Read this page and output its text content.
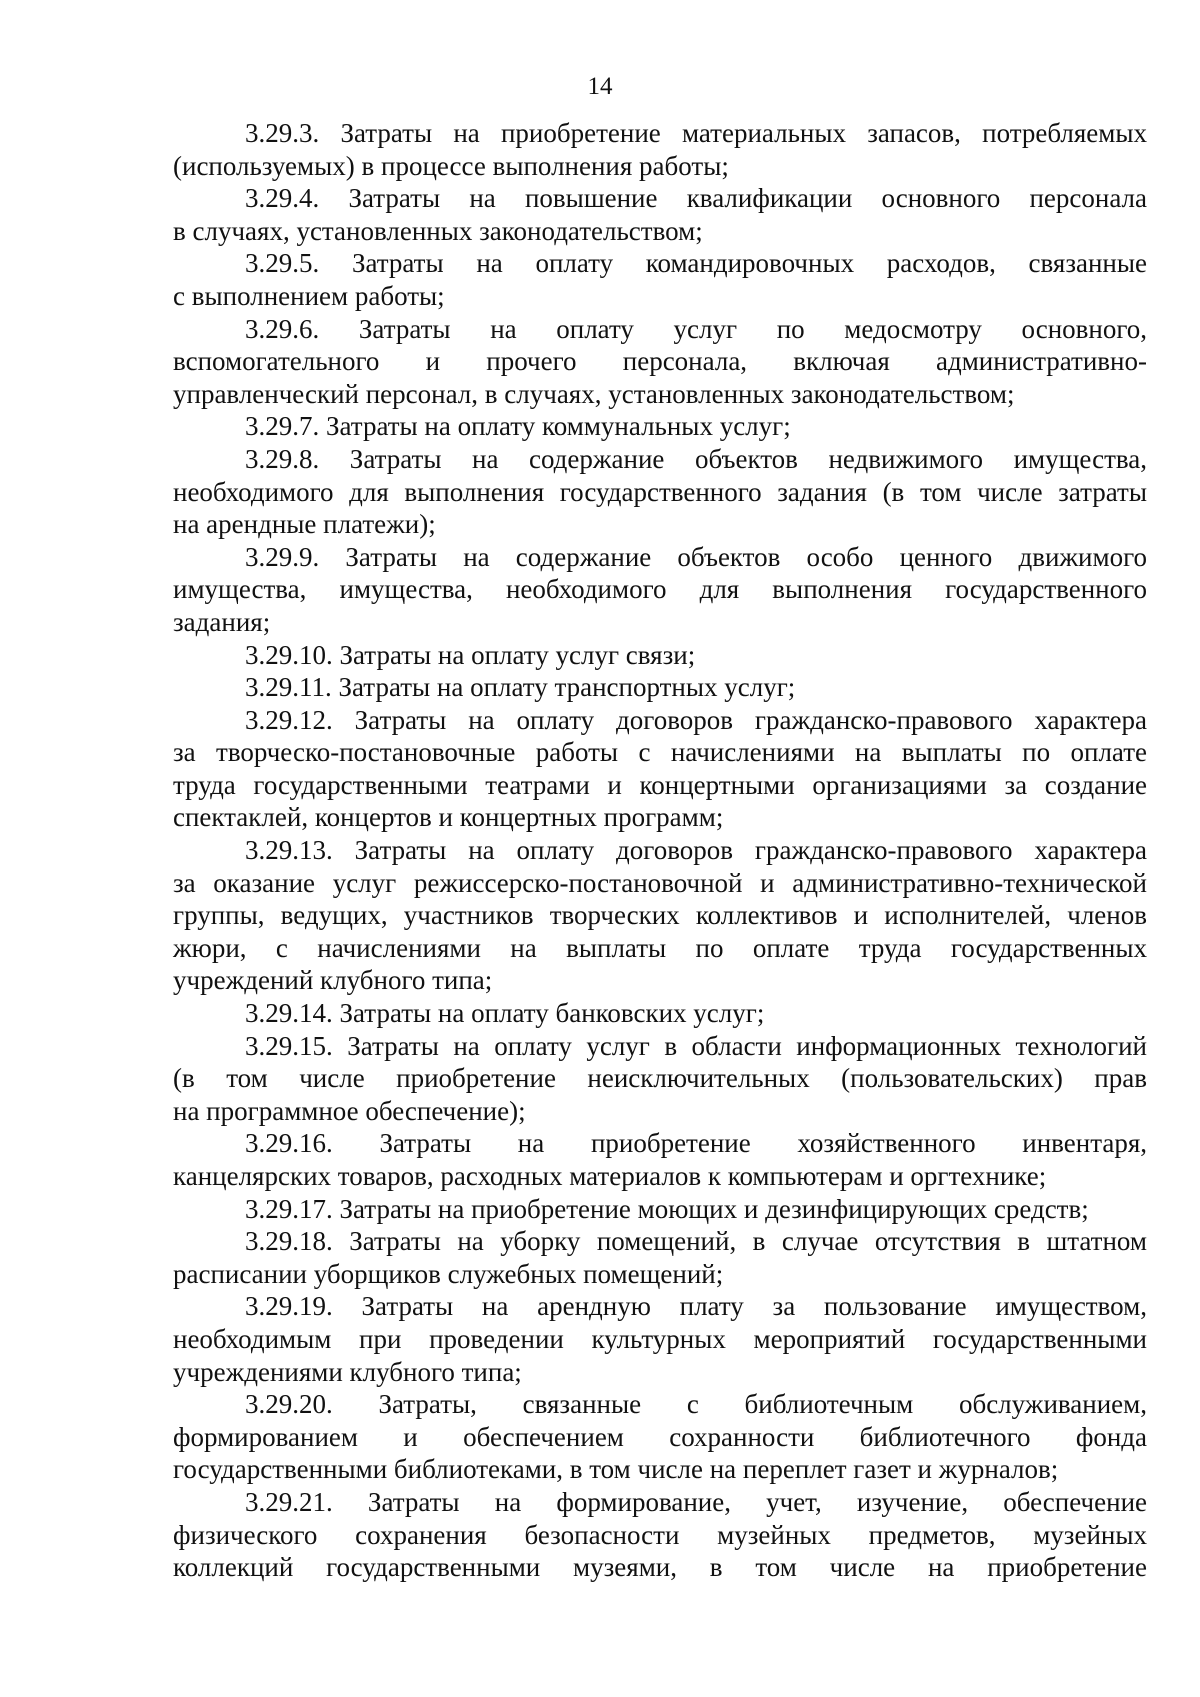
14
3.29.3. Затраты на приобретение материальных запасов, потребляемых
(используемых) в процессе выполнения работы;
3.29.4. Затраты на повышение квалификации основного персонала
в случаях, установленных законодательством;
3.29.5. Затраты на оплату командировочных расходов, связанные
с выполнением работы;
3.29.6. Затраты на оплату услуг по медосмотру основного,
вспомогательного и прочего персонала, включая административно-
управленческий персонал, в случаях, установленных законодательством;
3.29.7. Затраты на оплату коммунальных услуг;
3.29.8. Затраты на содержание объектов недвижимого имущества,
необходимого для выполнения государственного задания (в том числе затраты
на арендные платежи);
3.29.9. Затраты на содержание объектов особо ценного движимого
имущества, имущества, необходимого для выполнения государственного
задания;
3.29.10. Затраты на оплату услуг связи;
3.29.11. Затраты на оплату транспортных услуг;
3.29.12. Затраты на оплату договоров гражданско-правового характера
за творческо-постановочные работы с начислениями на выплаты по оплате
труда государственными театрами и концертными организациями за создание
спектаклей, концертов и концертных программ;
3.29.13. Затраты на оплату договоров гражданско-правового характера
за оказание услуг режиссерско-постановочной и административно-технической
группы, ведущих, участников творческих коллективов и исполнителей, членов
жюри, с начислениями на выплаты по оплате труда государственных
учреждений клубного типа;
3.29.14. Затраты на оплату банковских услуг;
3.29.15. Затраты на оплату услуг в области информационных технологий
(в том числе приобретение неисключительных (пользовательских) прав
на программное обеспечение);
3.29.16. Затраты на приобретение хозяйственного инвентаря,
канцелярских товаров, расходных материалов к компьютерам и оргтехнике;
3.29.17. Затраты на приобретение моющих и дезинфицирующих средств;
3.29.18. Затраты на уборку помещений, в случае отсутствия в штатном
расписании уборщиков служебных помещений;
3.29.19. Затраты на арендную плату за пользование имуществом,
необходимым при проведении культурных мероприятий государственными
учреждениями клубного типа;
3.29.20. Затраты, связанные с библиотечным обслуживанием,
формированием и обеспечением сохранности библиотечного фонда
государственными библиотеками, в том числе на переплет газет и журналов;
3.29.21. Затраты на формирование, учет, изучение, обеспечение
физического сохранения безопасности музейных предметов, музейных
коллекций государственными музеями, в том числе на приобретение
